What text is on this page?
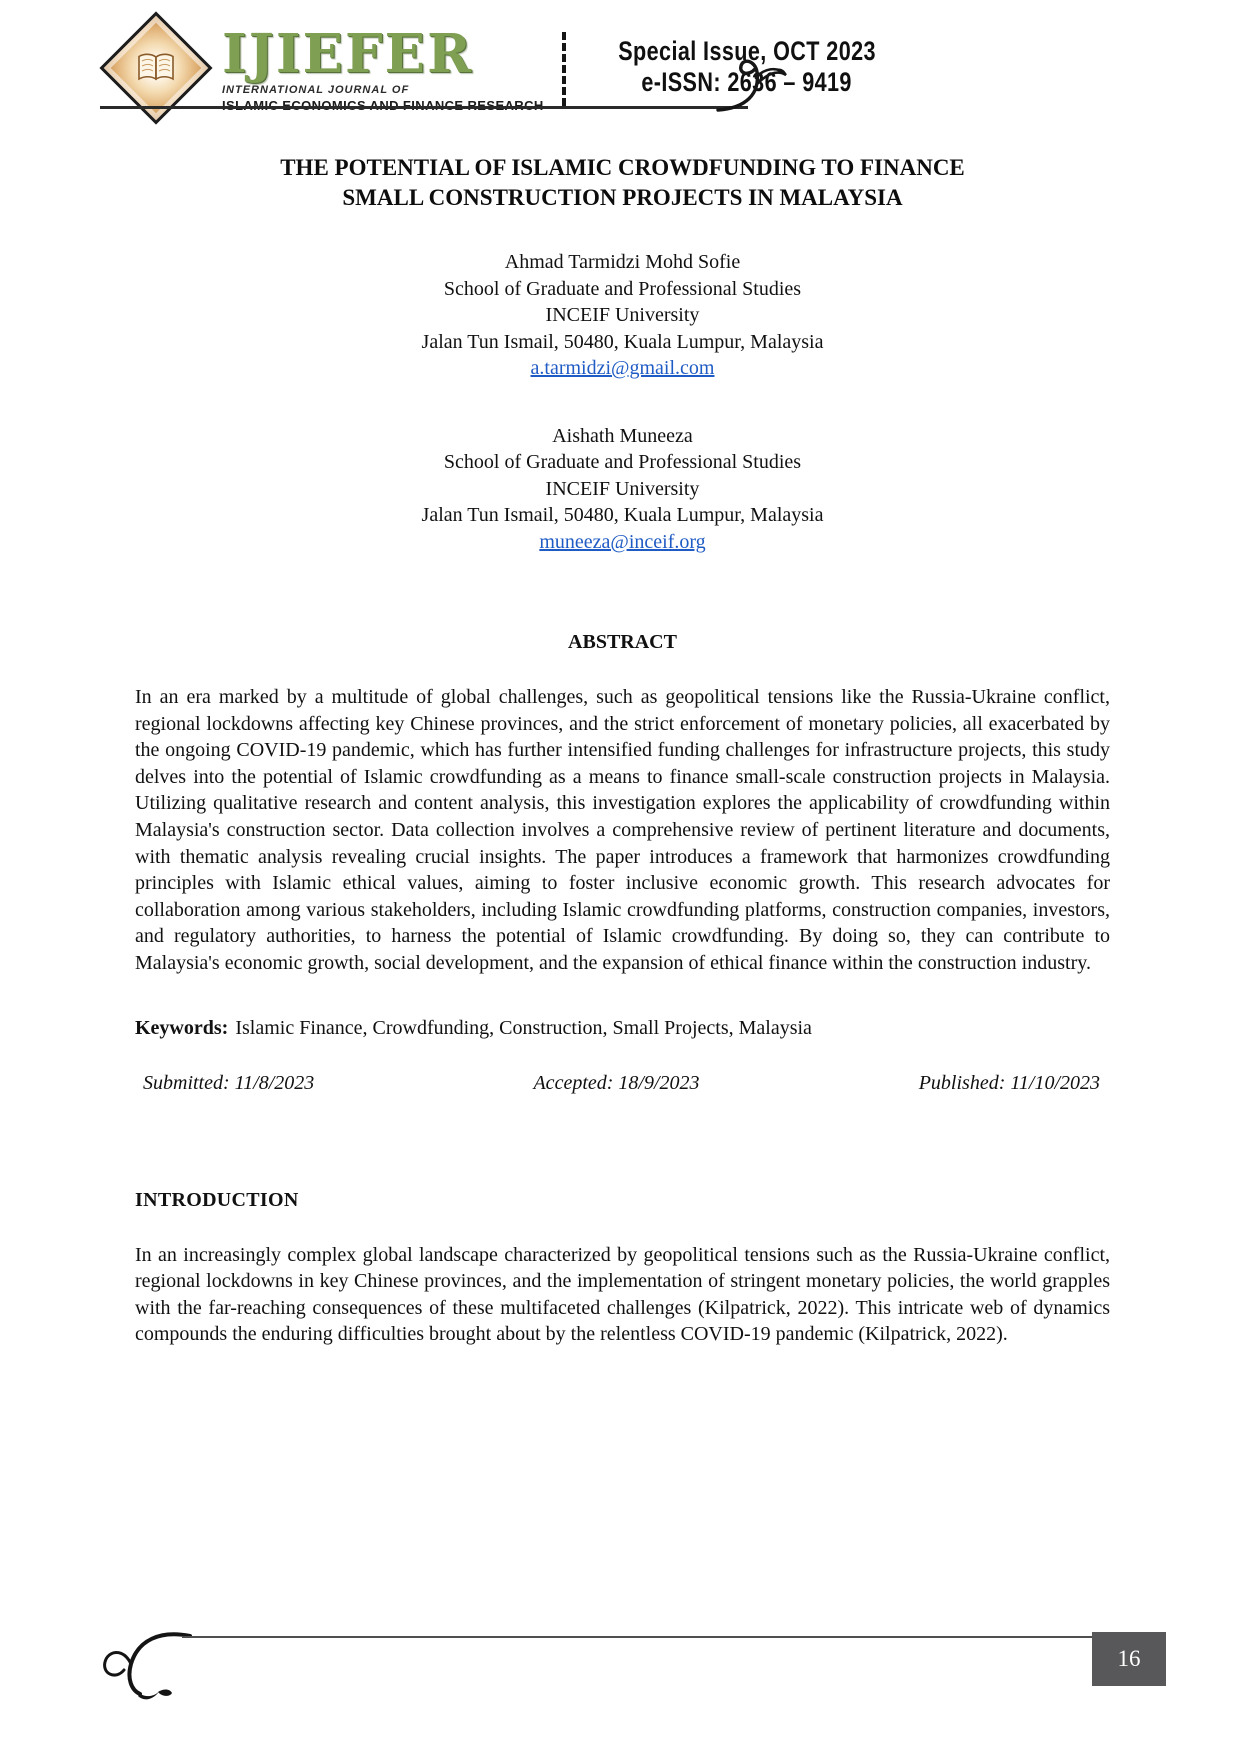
IJIEFER
INTERNATIONAL JOURNAL OF
ISLAMIC ECONOMICS AND FINANCE RESEARCH
Special Issue, OCT 2023
e-ISSN: 2636 – 9419
THE POTENTIAL OF ISLAMIC CROWDFUNDING TO FINANCE
SMALL CONSTRUCTION PROJECTS IN MALAYSIA
Ahmad Tarmidzi Mohd Sofie
School of Graduate and Professional Studies
INCEIF University
Jalan Tun Ismail, 50480, Kuala Lumpur, Malaysia
a.tarmidzi@gmail.com
Aishath Muneeza
School of Graduate and Professional Studies
INCEIF University
Jalan Tun Ismail, 50480, Kuala Lumpur, Malaysia
muneeza@inceif.org
ABSTRACT
In an era marked by a multitude of global challenges, such as geopolitical tensions like the Russia-Ukraine conflict, regional lockdowns affecting key Chinese provinces, and the strict enforcement of monetary policies, all exacerbated by the ongoing COVID-19 pandemic, which has further intensified funding challenges for infrastructure projects, this study delves into the potential of Islamic crowdfunding as a means to finance small-scale construction projects in Malaysia. Utilizing qualitative research and content analysis, this investigation explores the applicability of crowdfunding within Malaysia's construction sector. Data collection involves a comprehensive review of pertinent literature and documents, with thematic analysis revealing crucial insights. The paper introduces a framework that harmonizes crowdfunding principles with Islamic ethical values, aiming to foster inclusive economic growth. This research advocates for collaboration among various stakeholders, including Islamic crowdfunding platforms, construction companies, investors, and regulatory authorities, to harness the potential of Islamic crowdfunding. By doing so, they can contribute to Malaysia's economic growth, social development, and the expansion of ethical finance within the construction industry.
Keywords: Islamic Finance, Crowdfunding, Construction, Small Projects, Malaysia
Submitted: 11/8/2023	Accepted: 18/9/2023	Published: 11/10/2023
INTRODUCTION
In an increasingly complex global landscape characterized by geopolitical tensions such as the Russia-Ukraine conflict, regional lockdowns in key Chinese provinces, and the implementation of stringent monetary policies, the world grapples with the far-reaching consequences of these multifaceted challenges (Kilpatrick, 2022). This intricate web of dynamics compounds the enduring difficulties brought about by the relentless COVID-19 pandemic (Kilpatrick, 2022).
16
